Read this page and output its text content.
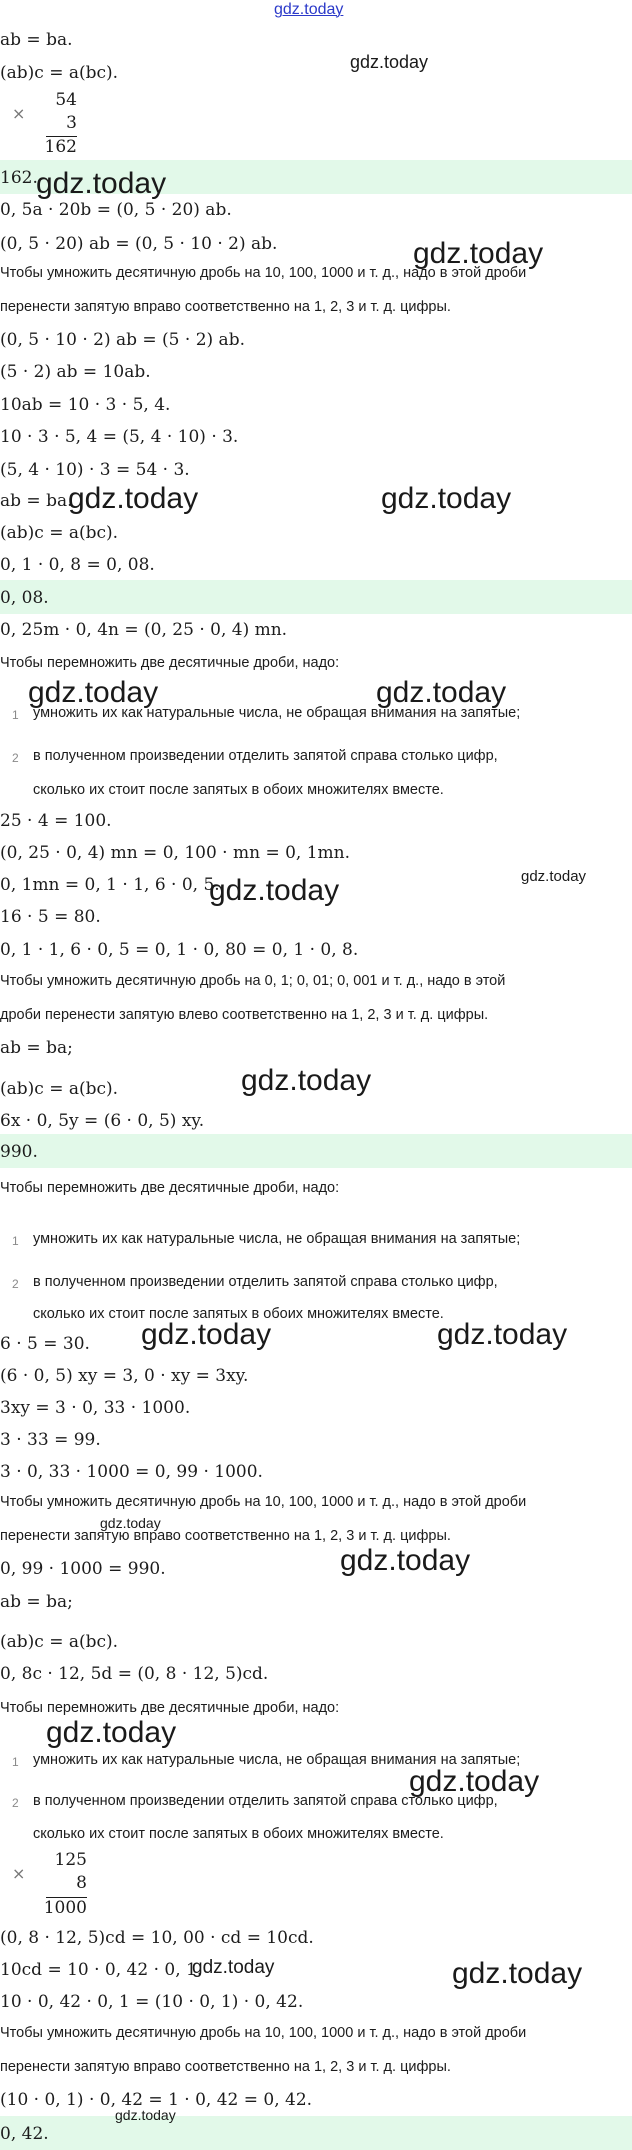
gdz.today
162.
0, 08.
990.
0, 42.
ab = ba.
(ab)c = a(bc).
×
54
3
162
0, 5a · 20b = (0, 5 · 20) ab.
(0, 5 · 20) ab = (0, 5 · 10 · 2) ab.
Чтобы умножить десятичную дробь на 10, 100, 1000 и т. д., надо в этой дроби
перенести запятую вправо соответственно на 1, 2, 3 и т. д. цифры.
(0, 5 · 10 · 2) ab = (5 · 2) ab.
(5 · 2) ab = 10ab.
10ab = 10 · 3 · 5, 4.
10 · 3 · 5, 4 = (5, 4 · 10) · 3.
(5, 4 · 10) · 3 = 54 · 3.
ab = ba.
(ab)c = a(bc).
0, 1 · 0, 8 = 0, 08.
0, 25m · 0, 4n = (0, 25 · 0, 4) mn.
Чтобы перемножить две десятичные дроби, надо:
1 умножить их как натуральные числа, не обращая внимания на запятые;
2 в полученном произведении отделить запятой справа столько цифр,
сколько их стоит после запятых в обоих множителях вместе.
25 · 4 = 100.
(0, 25 · 0, 4) mn = 0, 100 · mn = 0, 1mn.
0, 1mn = 0, 1 · 1, 6 · 0, 5.
16 · 5 = 80.
0, 1 · 1, 6 · 0, 5 = 0, 1 · 0, 80 = 0, 1 · 0, 8.
Чтобы умножить десятичную дробь на 0, 1; 0, 01; 0, 001 и т. д., надо в этой
дроби перенести запятую влево соответственно на 1, 2, 3 и т. д. цифры.
ab = ba;
(ab)c = a(bc).
6x · 0, 5y = (6 · 0, 5) xy.
Чтобы перемножить две десятичные дроби, надо:
1 умножить их как натуральные числа, не обращая внимания на запятые;
2 в полученном произведении отделить запятой справа столько цифр,
сколько их стоит после запятых в обоих множителях вместе.
6 · 5 = 30.
(6 · 0, 5) xy = 3, 0 · xy = 3xy.
3xy = 3 · 0, 33 · 1000.
3 · 33 = 99.
3 · 0, 33 · 1000 = 0, 99 · 1000.
Чтобы умножить десятичную дробь на 10, 100, 1000 и т. д., надо в этой дроби
перенести запятую вправо соответственно на 1, 2, 3 и т. д. цифры.
0, 99 · 1000 = 990.
ab = ba;
(ab)c = a(bc).
0, 8c · 12, 5d = (0, 8 · 12, 5)cd.
Чтобы перемножить две десятичные дроби, надо:
1 умножить их как натуральные числа, не обращая внимания на запятые;
2 в полученном произведении отделить запятой справа столько цифр,
сколько их стоит после запятых в обоих множителях вместе.
×
125
8
1000
(0, 8 · 12, 5)cd = 10, 00 · cd = 10cd.
10cd = 10 · 0, 42 · 0, 1.
10 · 0, 42 · 0, 1 = (10 · 0, 1) · 0, 42.
Чтобы умножить десятичную дробь на 10, 100, 1000 и т. д., надо в этой дроби
перенести запятую вправо соответственно на 1, 2, 3 и т. д. цифры.
(10 · 0, 1) · 0, 42 = 1 · 0, 42 = 0, 42.
gdz.today
gdz.today
gdz.today
gdz.today	gdz.today
gdz.today	gdz.today
gdz.today
gdz.today
gdz.today
gdz.today	gdz.today
gdz.today
gdz.today
gdz.today
gdz.today
gdz.today	gdz.today
gdz.today
